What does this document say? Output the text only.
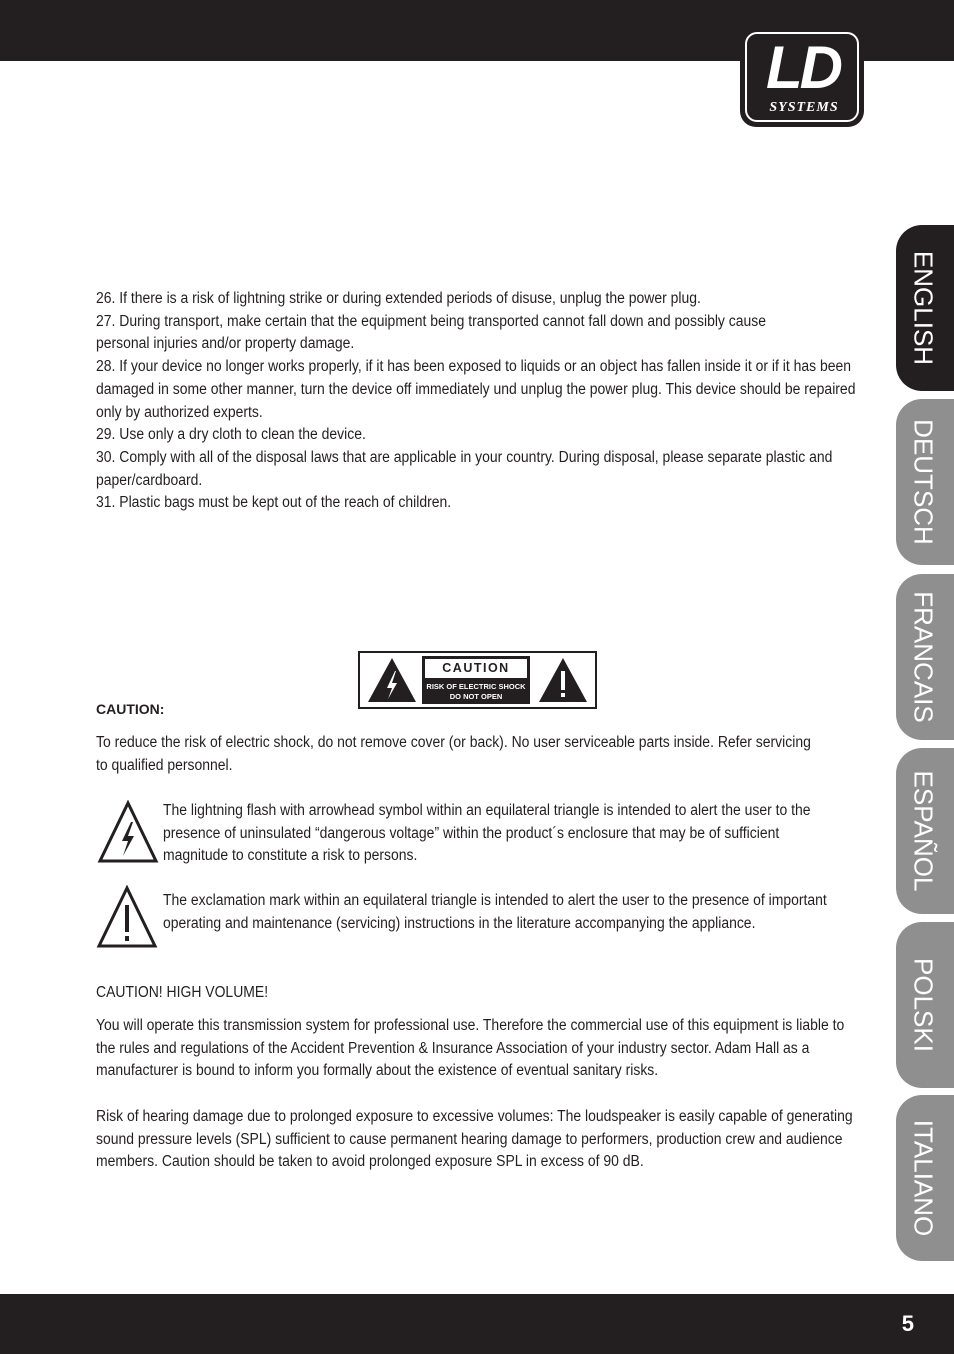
LD
SYSTEMS
ENGLISH
DEUTSCH
FRANCAIS
ESPAÑOL
POLSKI
ITALIANO

26. If there is a risk of lightning strike or during extended periods of disuse, unplug the power plug.

27. During transport, make certain that the equipment being transported cannot fall down and possibly cause personal injuries and/or property damage.

28. If your device no longer works properly, if it has been exposed to liquids or an object has fallen inside it or if it has been damaged in some other manner, turn the device off immediately und unplug the power plug. This device should be repaired only by authorized experts.

29. Use only a dry cloth to clean the device.

30. Comply with all of the disposal laws that are applicable in your country. During disposal, please separate plastic and paper/cardboard.

31. Plastic bags must be kept out of the reach of children.

CAUTION
RISK OF ELECTRIC SHOCK
DO NOT OPEN
CAUTION:
To reduce the risk of electric shock, do not remove cover (or back). No user serviceable parts inside. Refer servicing to qualified personnel.
The lightning flash with arrowhead symbol within an equilateral triangle is intended to alert the user to the presence of uninsulated “dangerous voltage” within the product´s enclosure that may be of sufficient magnitude to constitute a risk to persons.
The exclamation mark within an equilateral triangle is intended to alert the user to the presence of important operating and maintenance (servicing) instructions in the literature accompanying the appliance.
CAUTION! HIGH VOLUME!
You will operate this transmission system for professional use. Therefore the commercial use of this equipment is liable to the rules and regulations of the Accident Prevention & Insurance Association of your industry sector. Adam Hall as a manufacturer is bound to inform you formally about the existence of eventual sanitary risks.
Risk of hearing damage due to prolonged exposure to excessive volumes: The loudspeaker is easily capable of generating sound pressure levels (SPL) sufficient to cause permanent hearing damage to performers, production crew and audience members. Caution should be taken to avoid prolonged exposure SPL in excess of 90 dB.
5
